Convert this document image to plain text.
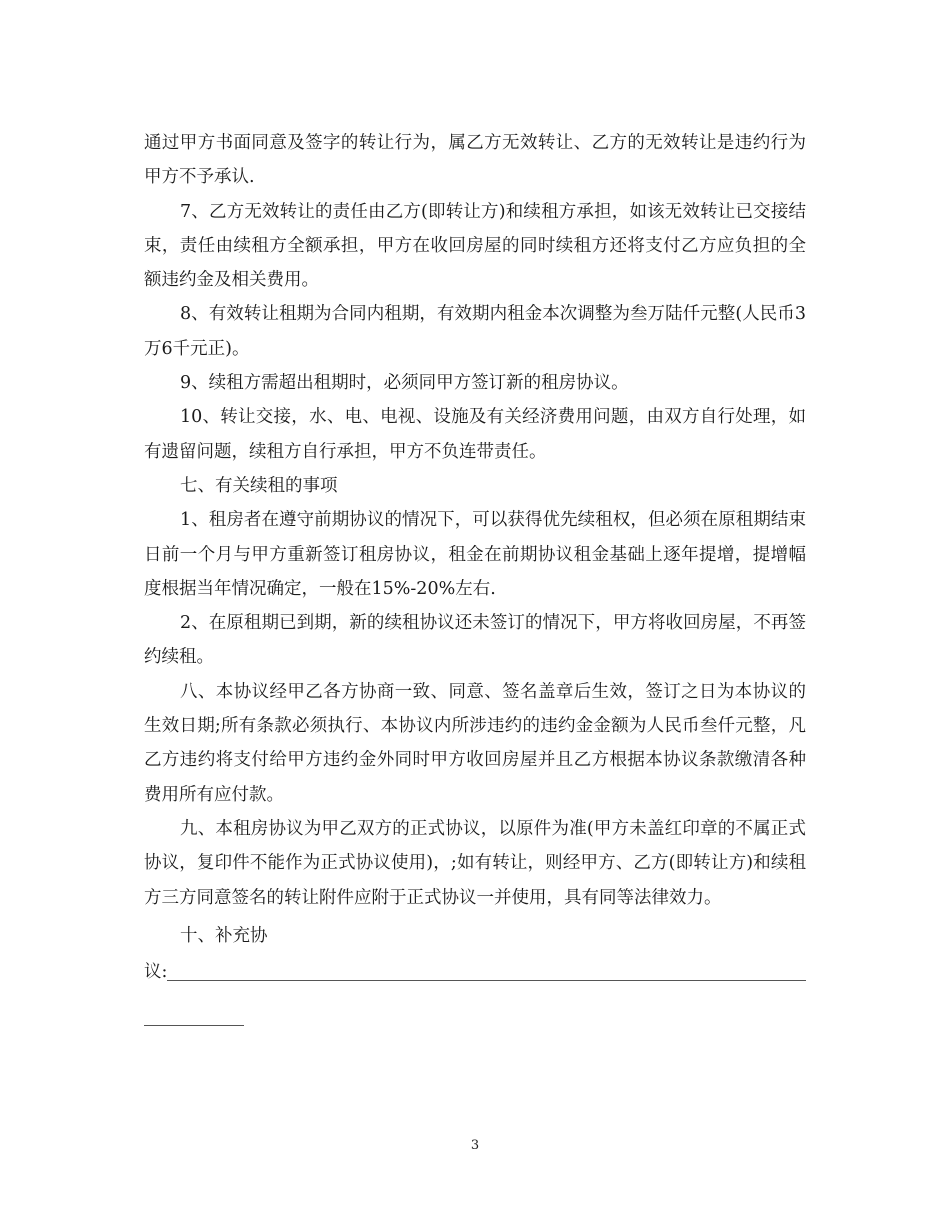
通过甲方书面同意及签字的转让行为，属乙方无效转让、乙方的无效转让是违约行为甲方不予承认.

7、乙方无效转让的责任由乙方(即转让方)和续租方承担，如该无效转让已交接结束，责任由续租方全额承担，甲方在收回房屋的同时续租方还将支付乙方应负担的全额违约金及相关费用。

8、有效转让租期为合同内租期，有效期内租金本次调整为叁万陆仟元整(人民币3万6千元正)。

9、续租方需超出租期时，必须同甲方签订新的租房协议。

10、转让交接，水、电、电视、设施及有关经济费用问题，由双方自行处理，如有遗留问题，续租方自行承担，甲方不负连带责任。

七、有关续租的事项

1、租房者在遵守前期协议的情况下，可以获得优先续租权，但必须在原租期结束日前一个月与甲方重新签订租房协议，租金在前期协议租金基础上逐年提增，提增幅度根据当年情况确定，一般在15%-20%左右.

2、在原租期已到期，新的续租协议还未签订的情况下，甲方将收回房屋，不再签约续租。

八、本协议经甲乙各方协商一致、同意、签名盖章后生效，签订之日为本协议的生效日期;所有条款必须执行、本协议内所涉违约的违约金金额为人民币叁仟元整，凡乙方违约将支付给甲方违约金外同时甲方收回房屋并且乙方根据本协议条款缴清各种费用所有应付款。

九、本租房协议为甲乙双方的正式协议，以原件为准(甲方未盖红印章的不属正式协议，复印件不能作为正式协议使用)，;如有转让，则经甲方、乙方(即转让方)和续租方三方同意签名的转让附件应附于正式协议一并使用，具有同等法律效力。

十、补充协

议:
3
